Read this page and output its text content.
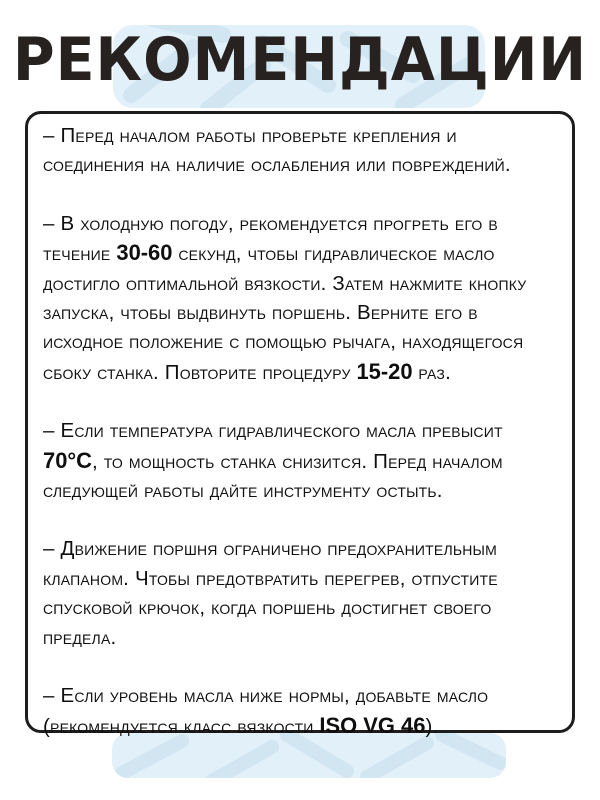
РЕКОМЕНДАЦИИ

– Перед началом работы проверьте крепления и соединения на наличие ослабления или повреждений.

– В холодную погоду, рекомендуется прогреть его в течение 30-60 секунд, чтобы гидравлическое масло достигло оптимальной вязкости. Затем нажмите кнопку запуска, чтобы выдвинуть поршень. Верните его в исходное положение с помощью рычага, находящегося сбоку станка. Повторите процедуру 15-20 раз.

– Если температура гидравлического масла превысит 70°C, то мощность станка снизится. Перед началом следующей работы дайте инструменту остыть.

– Движение поршня ограничено предохранительным клапаном. Чтобы предотвратить перегрев, отпустите спусковой крючок, когда поршень достигнет своего предела.

– Если уровень масла ниже нормы, добавьте масло (рекомендуется класс вязкости ISO VG 46).
